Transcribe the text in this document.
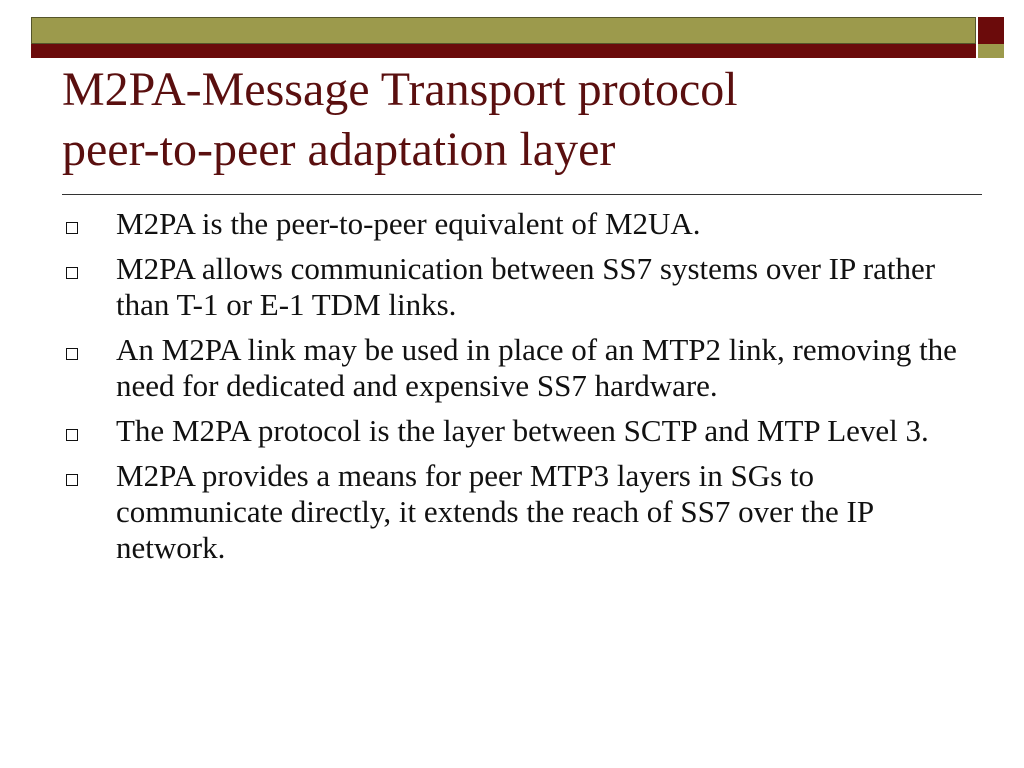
M2PA-Message Transport protocol
peer-to-peer adaptation layer
M2PA is the peer-to-peer equivalent of M2UA.
M2PA allows communication between SS7 systems over IP rather than T-1 or E-1 TDM links.
An M2PA link may be used in place of an MTP2 link, removing the need for dedicated and expensive SS7 hardware.
The M2PA protocol is the layer between SCTP and MTP Level 3.
M2PA provides a means for peer MTP3 layers in SGs to communicate directly, it extends the reach of SS7 over the IP network.
